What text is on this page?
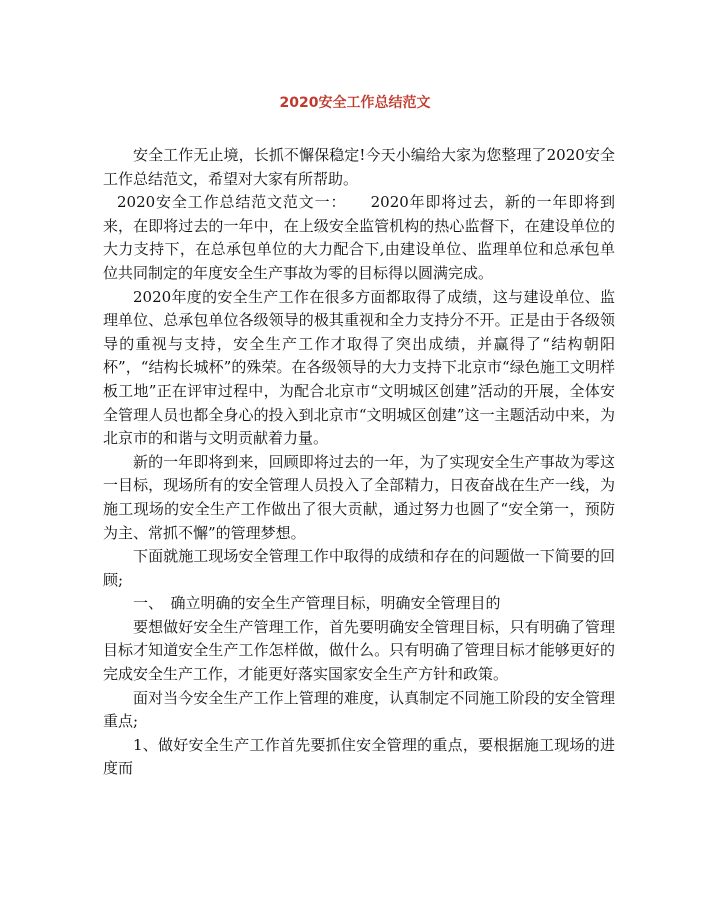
2020安全工作总结范文

安全工作无止境，长抓不懈保稳定!今天小编给大家为您整理了2020安全工作总结范文，希望对大家有所帮助。

2020安全工作总结范文范文一：　　2020年即将过去，新的一年即将到来，在即将过去的一年中，在上级安全监管机构的热心监督下，在建设单位的大力支持下，在总承包单位的大力配合下,由建设单位、监理单位和总承包单位共同制定的年度安全生产事故为零的目标得以圆满完成。

2020年度的安全生产工作在很多方面都取得了成绩，这与建设单位、监理单位、总承包单位各级领导的极其重视和全力支持分不开。正是由于各级领导的重视与支持，安全生产工作才取得了突出成绩，并赢得了“结构朝阳杯”，“结构长城杯”的殊荣。在各级领导的大力支持下北京市“绿色施工文明样板工地”正在评审过程中，为配合北京市“文明城区创建”活动的开展，全体安全管理人员也都全身心的投入到北京市“文明城区创建”这一主题活动中来，为北京市的和谐与文明贡献着力量。

新的一年即将到来，回顾即将过去的一年，为了实现安全生产事故为零这一目标，现场所有的安全管理人员投入了全部精力，日夜奋战在生产一线，为施工现场的安全生产工作做出了很大贡献，通过努力也圆了“安全第一，预防为主、常抓不懈”的管理梦想。

下面就施工现场安全管理工作中取得的成绩和存在的问题做一下简要的回顾;

一、　确立明确的安全生产管理目标，明确安全管理目的

要想做好安全生产管理工作，首先要明确安全管理目标，只有明确了管理目标才知道安全生产工作怎样做，做什么。只有明确了管理目标才能够更好的完成安全生产工作，才能更好落实国家安全生产方针和政策。

面对当今安全生产工作上管理的难度，认真制定不同施工阶段的安全管理重点;

1、做好安全生产工作首先要抓住安全管理的重点，要根据施工现场的进度而
